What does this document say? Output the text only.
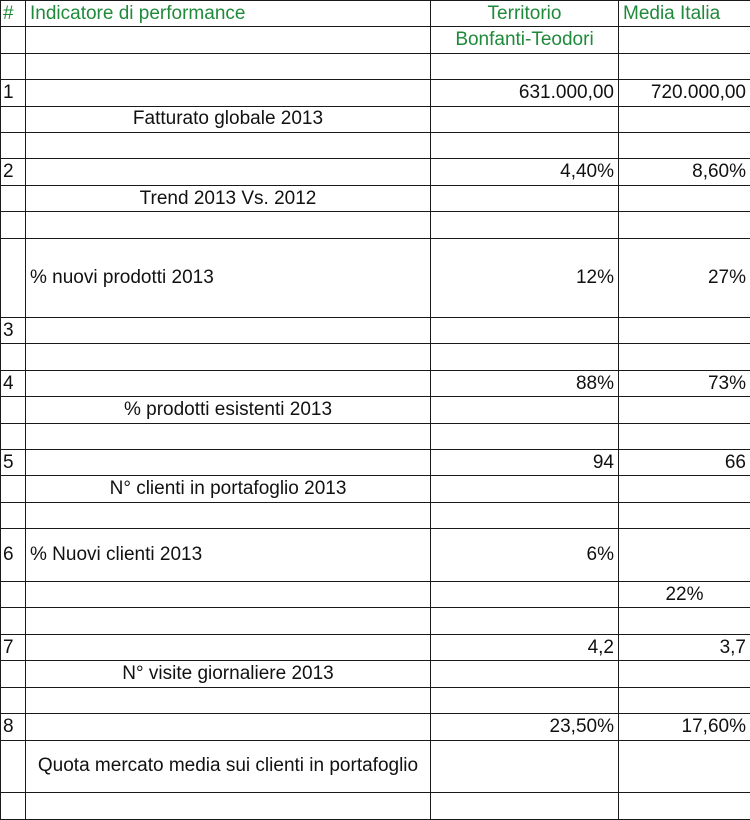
#	Indicatore di performance	Territorio	Media Italia
		Bonfanti-Teodori	

1		631.000,00	720.000,00
	Fatturato globale 2013		

2		4,40%	8,60%
	Trend 2013 Vs. 2012		

	% nuovi prodotti 2013	12%	27%
3			

4		88%	73%
	% prodotti esistenti 2013		

5		94	66
	N° clienti in portafoglio 2013		

6	% Nuovi clienti 2013	6%	
			22%

7		4,2	3,7
	N° visite giornaliere 2013		

8		23,50%	17,60%
	Quota mercato media sui clienti in portafoglio		
